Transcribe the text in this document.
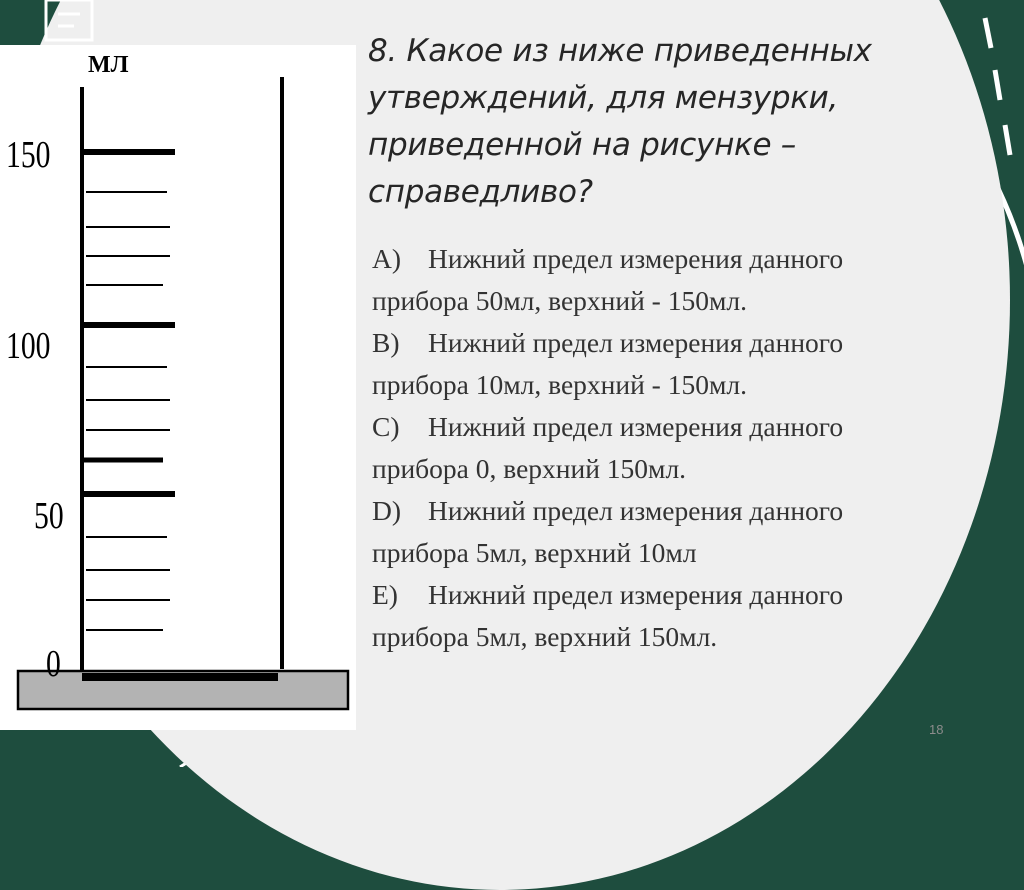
МЛ
150
100
50
0
8. Какое из ниже приведенных утверждений, для мензурки, приведенной на рисунке – справедливо?
A) Нижний предел измерения данного
прибора 50мл, верхний - 150мл.
B) Нижний предел измерения данного
прибора 10мл, верхний - 150мл.
C) Нижний предел измерения данного
прибора 0, верхний 150мл.
D) Нижний предел измерения данного
прибора 5мл, верхний 10мл
E) Нижний предел измерения данного
прибора 5мл, верхний 150мл.
18
